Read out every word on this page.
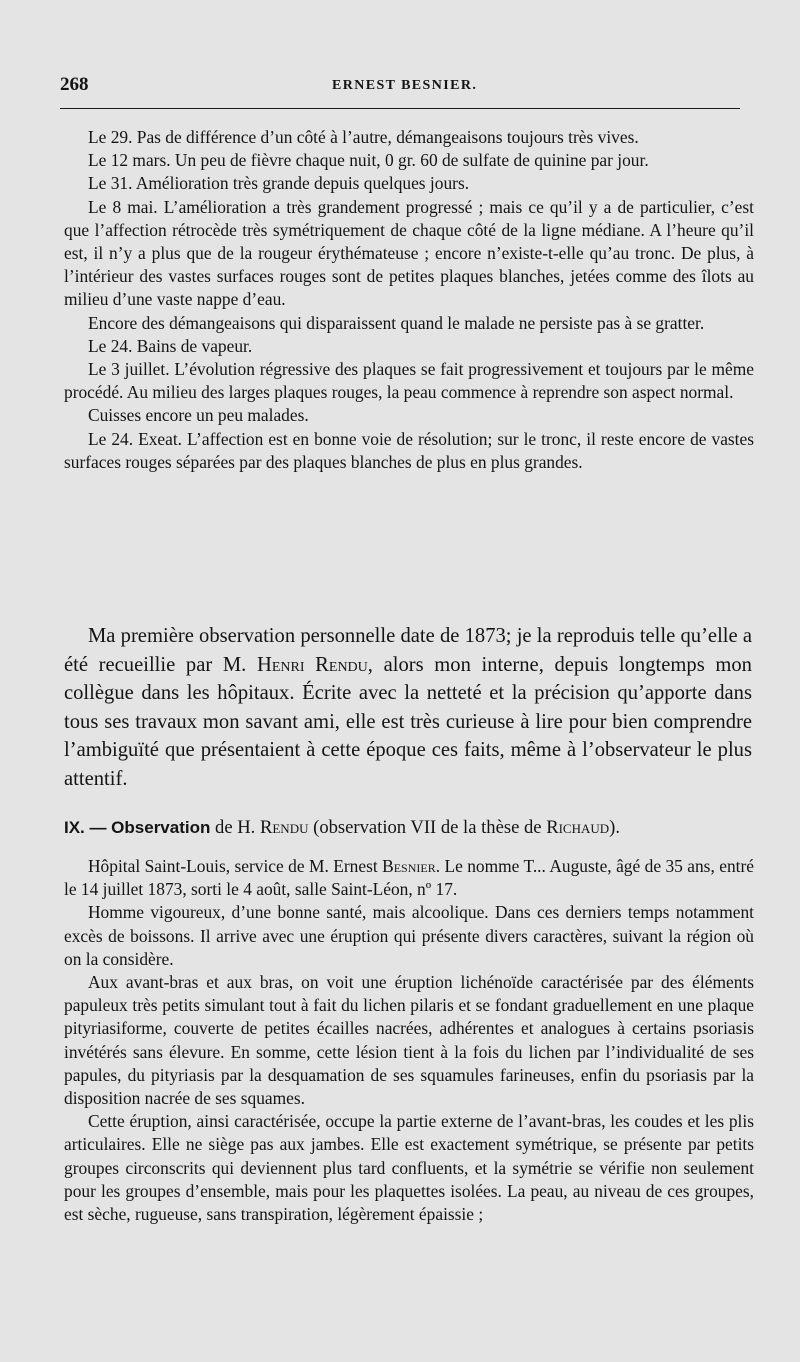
268	ERNEST BESNIER.

Le 29. Pas de différence d’un côté à l’autre, démangeaisons toujours très vives.

Le 12 mars. Un peu de fièvre chaque nuit, 0 gr. 60 de sulfate de quinine par jour.

Le 31. Amélioration très grande depuis quelques jours.

Le 8 mai. L’amélioration a très grandement progressé ; mais ce qu’il y a de particulier, c’est que l’affection rétrocède très symétriquement de chaque côté de la ligne médiane. A l’heure qu’il est, il n’y a plus que de la rougeur érythémateuse ; encore n’existe-t-elle qu’au tronc. De plus, à l’intérieur des vastes surfaces rouges sont de petites plaques blanches, jetées comme des îlots au milieu d’une vaste nappe d’eau.

Encore des démangeaisons qui disparaissent quand le malade ne persiste pas à se gratter.

Le 24. Bains de vapeur.

Le 3 juillet. L’évolution régressive des plaques se fait progressivement et toujours par le même procédé. Au milieu des larges plaques rouges, la peau commence à reprendre son aspect normal.

Cuisses encore un peu malades.

Le 24. Exeat. L’affection est en bonne voie de résolution; sur le tronc, il reste encore de vastes surfaces rouges séparées par des plaques blanches de plus en plus grandes.

Ma première observation personnelle date de 1873; je la reproduis telle qu’elle a été recueillie par M. Henri Rendu, alors mon interne, depuis longtemps mon collègue dans les hôpitaux. Écrite avec la netteté et la précision qu’apporte dans tous ses travaux mon savant ami, elle est très curieuse à lire pour bien comprendre l’ambiguïté que présentaient à cette époque ces faits, même à l’observateur le plus attentif.

IX. — Observation de H. Rendu (observation VII de la thèse de Richaud).

Hôpital Saint-Louis, service de M. Ernest Besnier. Le nomme T... Auguste, âgé de 35 ans, entré le 14 juillet 1873, sorti le 4 août, salle Saint-Léon, nº 17.

Homme vigoureux, d’une bonne santé, mais alcoolique. Dans ces derniers temps notamment excès de boissons. Il arrive avec une éruption qui présente divers caractères, suivant la région où on la considère.

Aux avant-bras et aux bras, on voit une éruption lichénoïde caractérisée par des éléments papuleux très petits simulant tout à fait du lichen pilaris et se fondant graduellement en une plaque pityriasiforme, couverte de petites écailles nacrées, adhérentes et analogues à certains psoriasis invétérés sans élevure. En somme, cette lésion tient à la fois du lichen par l’individualité de ses papules, du pityriasis par la desquamation de ses squamules farineuses, enfin du psoriasis par la disposition nacrée de ses squames.

Cette éruption, ainsi caractérisée, occupe la partie externe de l’avant-bras, les coudes et les plis articulaires. Elle ne siège pas aux jambes. Elle est exactement symétrique, se présente par petits groupes circonscrits qui deviennent plus tard confluents, et la symétrie se vérifie non seulement pour les groupes d’ensemble, mais pour les plaquettes isolées. La peau, au niveau de ces groupes, est sèche, rugueuse, sans transpiration, légèrement épaissie ;
